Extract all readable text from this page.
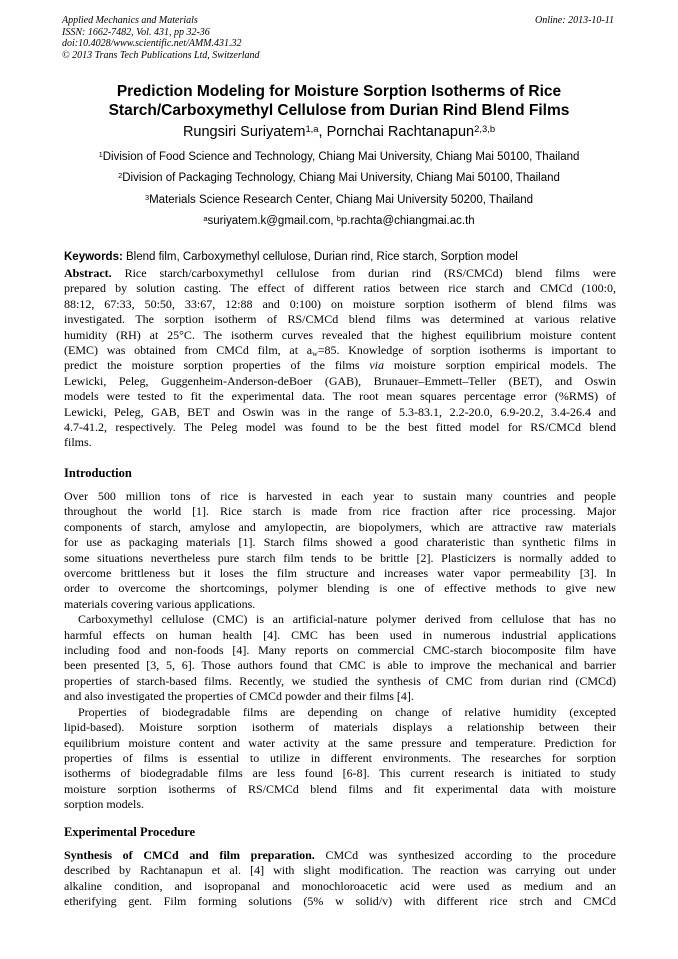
Applied Mechanics and Materials
ISSN: 1662-7482, Vol. 431, pp 32-36
doi:10.4028/www.scientific.net/AMM.431.32
© 2013 Trans Tech Publications Ltd, Switzerland
Online: 2013-10-11
Prediction Modeling for Moisture Sorption Isotherms of Rice
Starch/Carboxymethyl Cellulose from Durian Rind Blend Films
Rungsiri Suriyatem$^{1,a}$, Pornchai Rachtanapun$^{2,3,b}$
$^1$Division of Food Science and Technology, Chiang Mai University, Chiang Mai 50100, Thailand
$^2$Division of Packaging Technology, Chiang Mai University, Chiang Mai 50100, Thailand
$^3$Materials Science Research Center, Chiang Mai University 50200, Thailand
$^a$suriyatem.k@gmail.com, $^b$p.rachta@chiangmai.ac.th
Keywords: Blend film, Carboxymethyl cellulose, Durian rind, Rice starch, Sorption model
Abstract. Rice starch/carboxymethyl cellulose from durian rind (RS/CMCd) blend films were
prepared by solution casting. The effect of different ratios between rice starch and CMCd (100:0,
88:12, 67:33, 50:50, 33:67, 12:88 and 0:100) on moisture sorption isotherm of blend films was
investigated. The sorption isotherm of RS/CMCd blend films was determined at various relative
humidity (RH) at 25°C. The isotherm curves revealed that the highest equilibrium moisture content
(EMC) was obtained from CMCd film, at $a_w=85$. Knowledge of sorption isotherms is important to
predict the moisture sorption properties of the films via moisture sorption empirical models. The
Lewicki, Peleg, Guggenheim-Anderson-deBoer (GAB), Brunauer–Emmett–Teller (BET), and Oswin
models were tested to fit the experimental data. The root mean squares percentage error (%RMS) of
Lewicki, Peleg, GAB, BET and Oswin was in the range of 5.3-83.1, 2.2-20.0, 6.9-20.2, 3.4-26.4 and
4.7-41.2, respectively. The Peleg model was found to be the best fitted model for RS/CMCd blend
films.
Introduction
Over 500 million tons of rice is harvested in each year to sustain many countries and people
throughout the world [1]. Rice starch is made from rice fraction after rice processing. Major
components of starch, amylose and amylopectin, are biopolymers, which are attractive raw materials
for use as packaging materials [1]. Starch films showed a good charateristic than synthetic films in
some situations nevertheless pure starch film tends to be brittle [2]. Plasticizers is normally added to
overcome brittleness but it loses the film structure and increases water vapor permeability [3]. In
order to overcome the shortcomings, polymer blending is one of effective methods to give new
materials covering various applications.
Carboxymethyl cellulose (CMC) is an artificial-nature polymer derived from cellulose that has no
harmful effects on human health [4]. CMC has been used in numerous industrial applications
including food and non-foods [4]. Many reports on commercial CMC-starch biocomposite film have
been presented [3, 5, 6]. Those authors found that CMC is able to improve the mechanical and barrier
properties of starch-based films. Recently, we studied the synthesis of CMC from durian rind (CMCd)
and also investigated the properties of CMCd powder and their films [4].
Properties of biodegradable films are depending on change of relative humidity (excepted
lipid-based). Moisture sorption isotherm of materials displays a relationship between their
equilibrium moisture content and water activity at the same pressure and temperature. Prediction for
properties of films is essential to utilize in different environments. The researches for sorption
isotherms of biodegradable films are less found [6-8]. This current research is initiated to study
moisture sorption isotherms of RS/CMCd blend films and fit experimental data with moisture
sorption models.
Experimental Procedure
Synthesis of CMCd and film preparation. CMCd was synthesized according to the procedure
described by Rachtanapun et al. [4] with slight modification. The reaction was carrying out under
alkaline condition, and isopropanal and monochloroacetic acid were used as medium and an
etherifying gent. Film forming solutions (5% w solid/v) with different rice strch and CMCd
